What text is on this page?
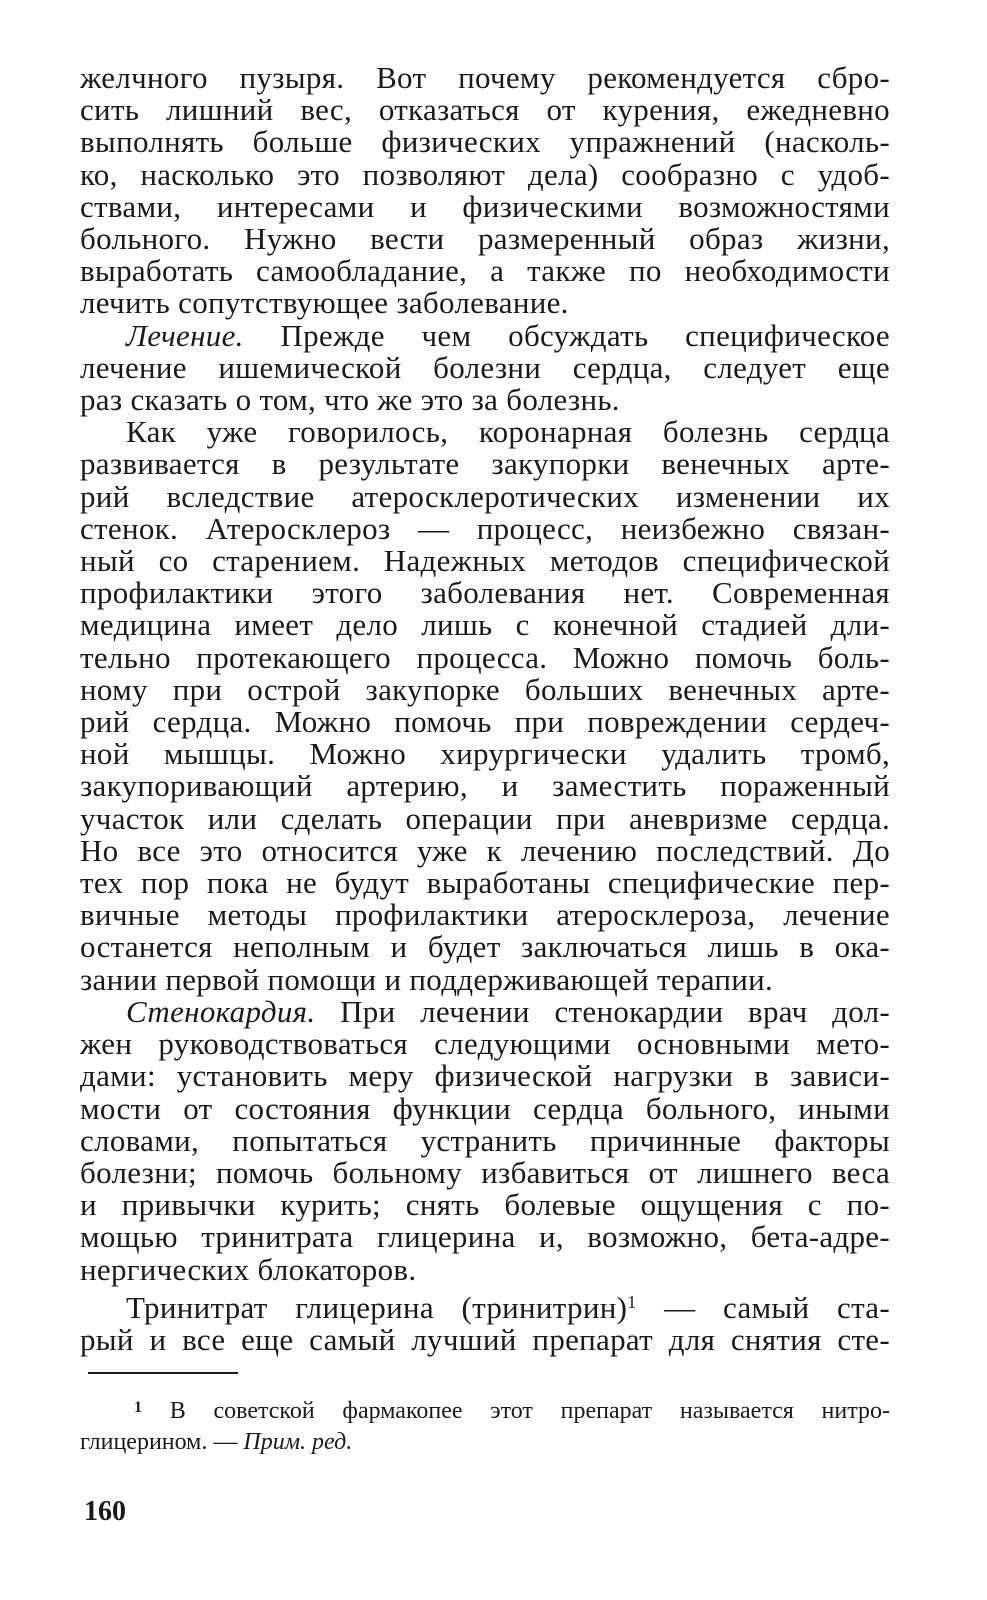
желчного пузыря. Вот почему рекомендуется сбро-
сить лишний вес, отказаться от курения, ежедневно
выполнять больше физических упражнений (насколь-
ко, насколько это позволяют дела) сообразно с удоб-
ствами, интересами и физическими возможностями
больного. Нужно вести размеренный образ жизни,
выработать самообладание, а также по необходимости
лечить сопутствующее заболевание.
Лечение. Прежде чем обсуждать специфическое
лечение ишемической болезни сердца, следует еще
раз сказать о том, что же это за болезнь.
Как уже говорилось, коронарная болезнь сердца
развивается в результате закупорки венечных арте-
рий вследствие атеросклеротических изменении их
стенок. Атеросклероз — процесс, неизбежно связан-
ный со старением. Надежных методов специфической
профилактики этого заболевания нет. Современная
медицина имеет дело лишь с конечной стадией дли-
тельно протекающего процесса. Можно помочь боль-
ному при острой закупорке больших венечных арте-
рий сердца. Можно помочь при повреждении сердеч-
ной мышцы. Можно хирургически удалить тромб,
закупоривающий артерию, и заместить пораженный
участок или сделать операции при аневризме сердца.
Но все это относится уже к лечению последствий. До
тех пор пока не будут выработаны специфические пер-
вичные методы профилактики атеросклероза, лечение
останется неполным и будет заключаться лишь в ока-
зании первой помощи и поддерживающей терапии.
Стенокардия. При лечении стенокардии врач дол-
жен руководствоваться следующими основными мето-
дами: установить меру физической нагрузки в зависи-
мости от состояния функции сердца больного, иными
словами, попытаться устранить причинные факторы
болезни; помочь больному избавиться от лишнего веса
и привычки курить; снять болевые ощущения с по-
мощью тринитрата глицерина и, возможно, бета-адре-
нергических блокаторов.
Тринитрат глицерина (тринитрин)$^1$ — самый ста-
рый и все еще самый лучший препарат для снятия сте-
$^1$ В советской фармакопее этот препарат называется нитро-
глицерином. — Прим. ред.
160
